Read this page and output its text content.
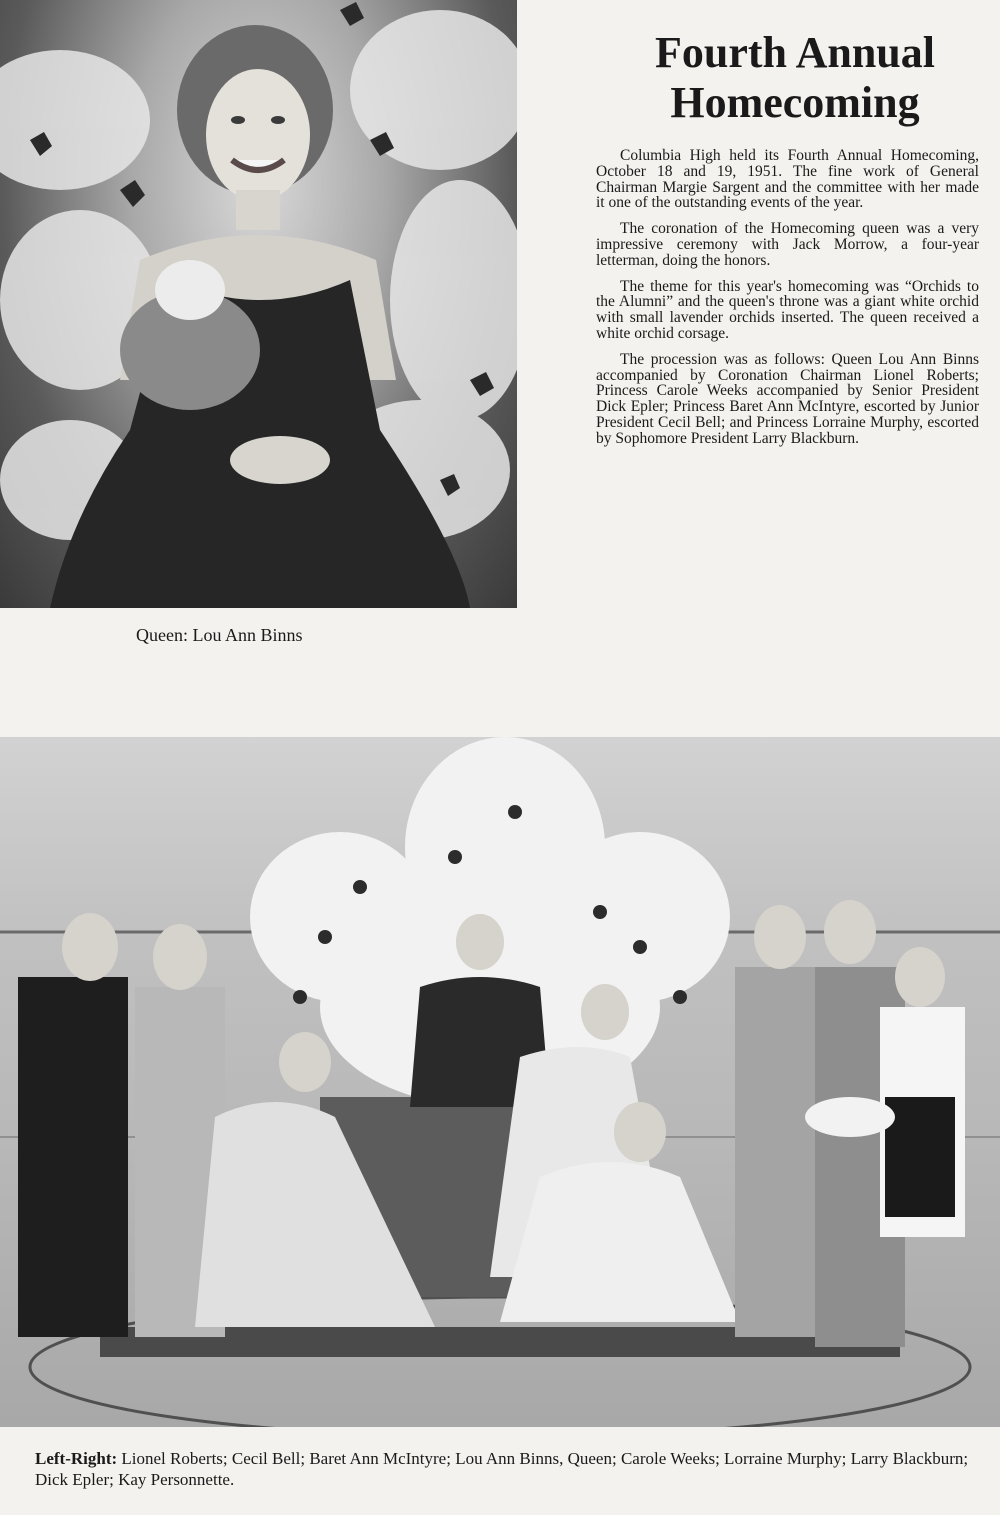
Fourth Annual
Homecoming

Columbia High held its Fourth Annual Homecoming, October 18 and 19, 1951. The fine work of General Chairman Margie Sargent and the committee with her made it one of the outstanding events of the year.

The coronation of the Homecoming queen was a very impressive ceremony with Jack Morrow, a four-year letterman, doing the honors.

The theme for this year's homecoming was “Orchids to the Alumni” and the queen's throne was a giant white orchid with small lavender orchids inserted. The queen received a white orchid corsage.

The procession was as follows: Queen Lou Ann Binns accompanied by Coronation Chairman Lionel Roberts; Princess Carole Weeks accompanied by Senior President Dick Epler; Princess Baret Ann McIntyre, escorted by Junior President Cecil Bell; and Princess Lorraine Murphy, escorted by Sophomore President Larry Blackburn.

Queen: Lou Ann Binns
Left-Right: Lionel Roberts; Cecil Bell; Baret Ann McIntyre; Lou Ann Binns, Queen; Carole Weeks; Lorraine Murphy; Larry Blackburn; Dick Epler; Kay Personnette.
